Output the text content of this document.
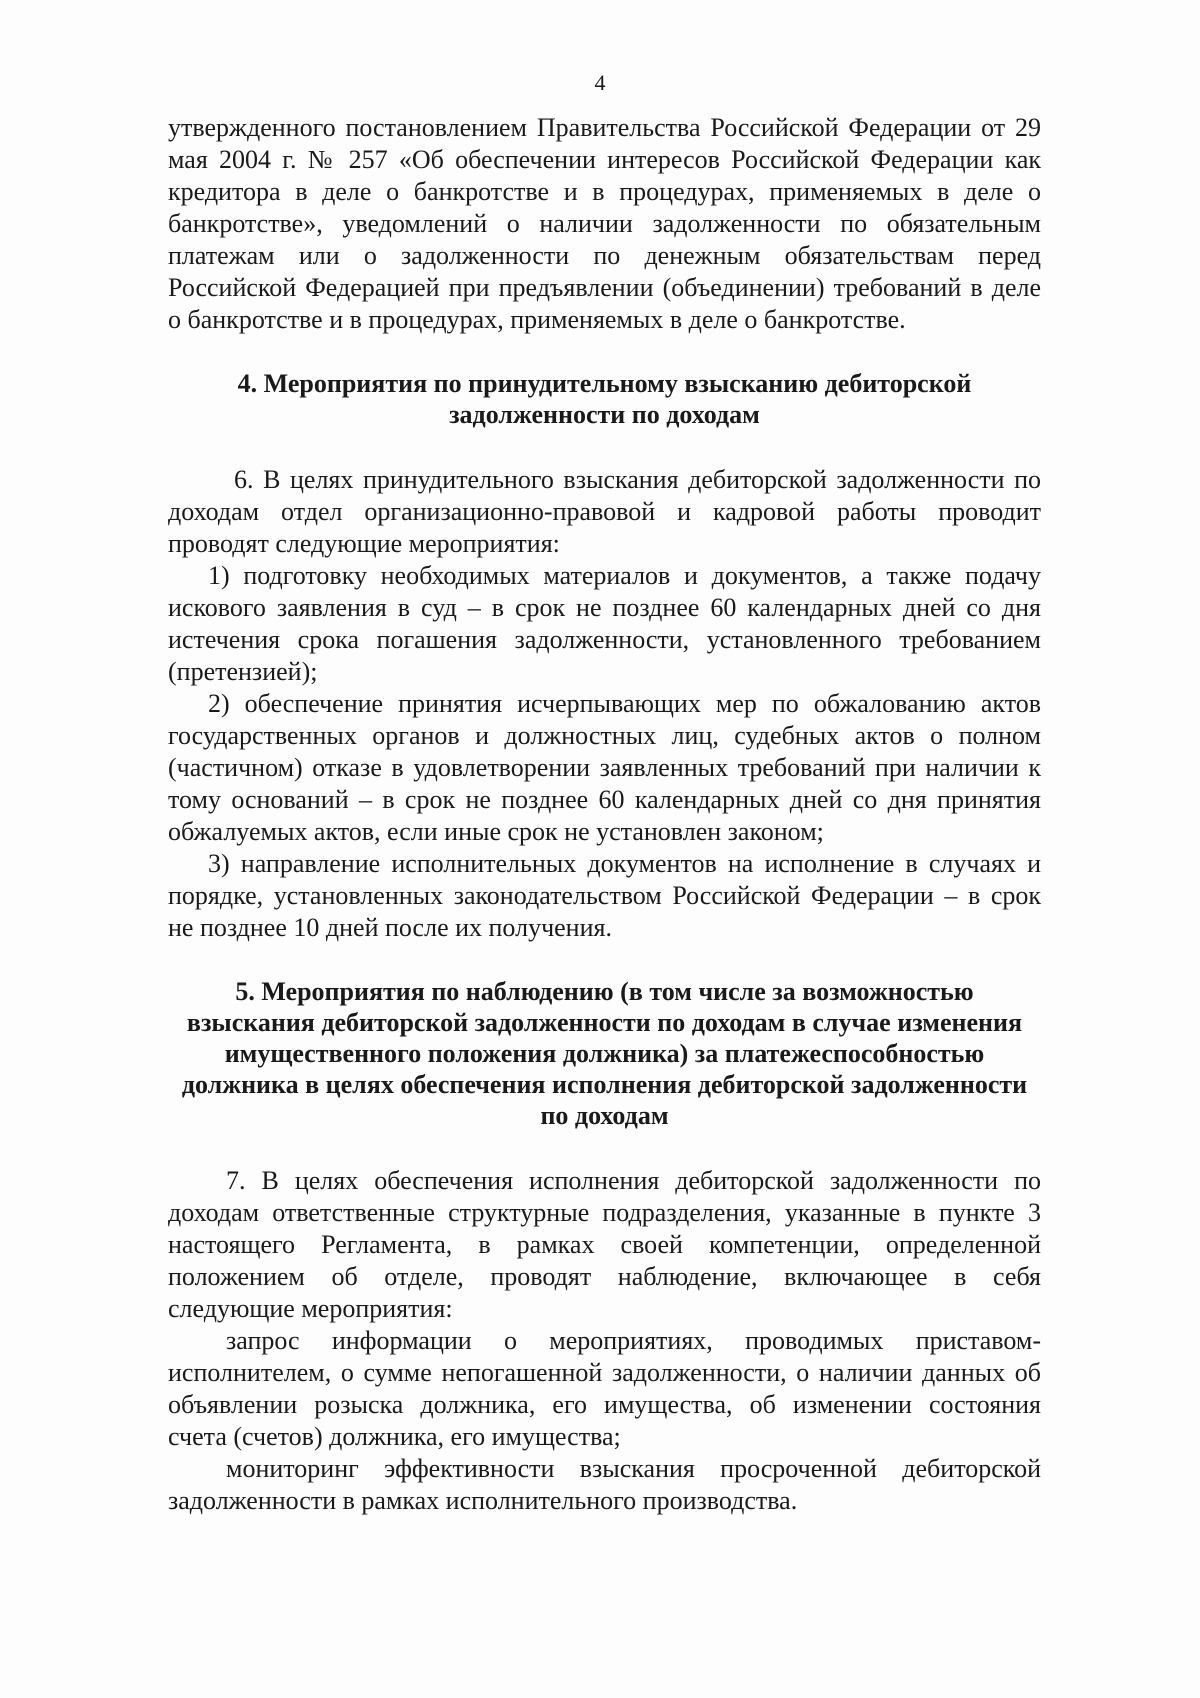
4

утвержденного постановлением Правительства Российской Федерации от 29

мая 2004 г. № 257 «Об обеспечении интересов Российской Федерации как

кредитора в деле о банкротстве и в процедурах, применяемых в деле о

банкротстве», уведомлений о наличии задолженности по обязательным

платежам или о задолженности по денежным обязательствам перед

Российской Федерацией при предъявлении (объединении) требований в деле

о банкротстве и в процедурах, применяемых в деле о банкротстве.

4. Мероприятия по принудительному взысканию дебиторской

задолженности по доходам

6. В целях принудительного взыскания дебиторской задолженности по

доходам отдел организационно-правовой и кадровой работы проводит

проводят следующие мероприятия:

1) подготовку необходимых материалов и документов, а также подачу

искового заявления в суд – в срок не позднее 60 календарных дней со дня

истечения срока погашения задолженности, установленного требованием

(претензией);

2) обеспечение принятия исчерпывающих мер по обжалованию актов

государственных органов и должностных лиц, судебных актов о полном

(частичном) отказе в удовлетворении заявленных требований при наличии к

тому оснований – в срок не позднее 60 календарных дней со дня принятия

обжалуемых актов, если иные срок не установлен законом;

3) направление исполнительных документов на исполнение в случаях и

порядке, установленных законодательством Российской Федерации – в срок

не позднее 10 дней после их получения.

5. Мероприятия по наблюдению (в том числе за возможностью

взыскания дебиторской задолженности по доходам в случае изменения

имущественного положения должника) за платежеспособностью

должника в целях обеспечения исполнения дебиторской задолженности

по доходам

7. В целях обеспечения исполнения дебиторской задолженности по

доходам ответственные структурные подразделения, указанные в пункте 3

настоящего Регламента, в рамках своей компетенции, определенной

положением об отделе, проводят наблюдение, включающее в себя

следующие мероприятия:

запрос информации о мероприятиях, проводимых приставом-

исполнителем, о сумме непогашенной задолженности, о наличии данных об

объявлении розыска должника, его имущества, об изменении состояния

счета (счетов) должника, его имущества;

мониторинг эффективности взыскания просроченной дебиторской

задолженности в рамках исполнительного производства.
